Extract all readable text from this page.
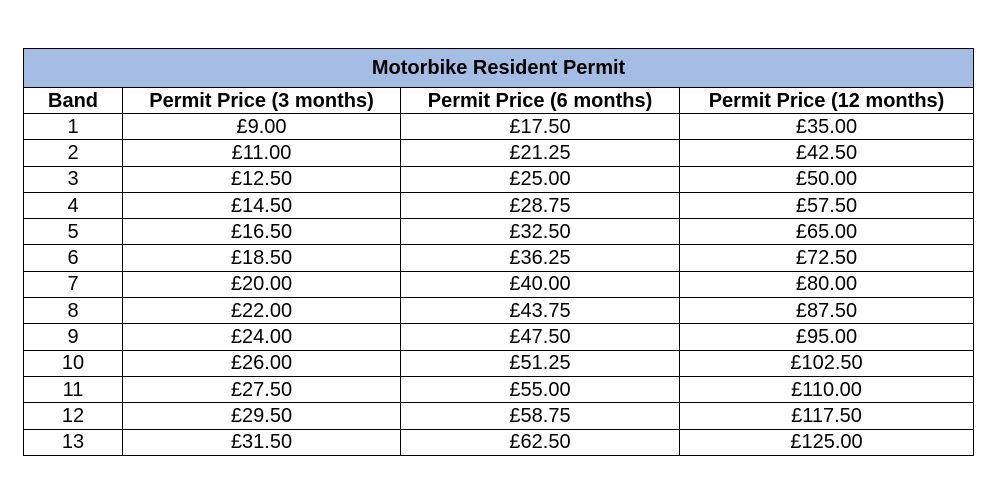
Motorbike Resident Permit			
Band	Permit Price (3 months)	Permit Price (6 months)	Permit Price (12 months)
1	£9.00	£17.50	£35.00
2	£11.00	£21.25	£42.50
3	£12.50	£25.00	£50.00
4	£14.50	£28.75	£57.50
5	£16.50	£32.50	£65.00
6	£18.50	£36.25	£72.50
7	£20.00	£40.00	£80.00
8	£22.00	£43.75	£87.50
9	£24.00	£47.50	£95.00
10	£26.00	£51.25	£102.50
11	£27.50	£55.00	£110.00
12	£29.50	£58.75	£117.50
13	£31.50	£62.50	£125.00
